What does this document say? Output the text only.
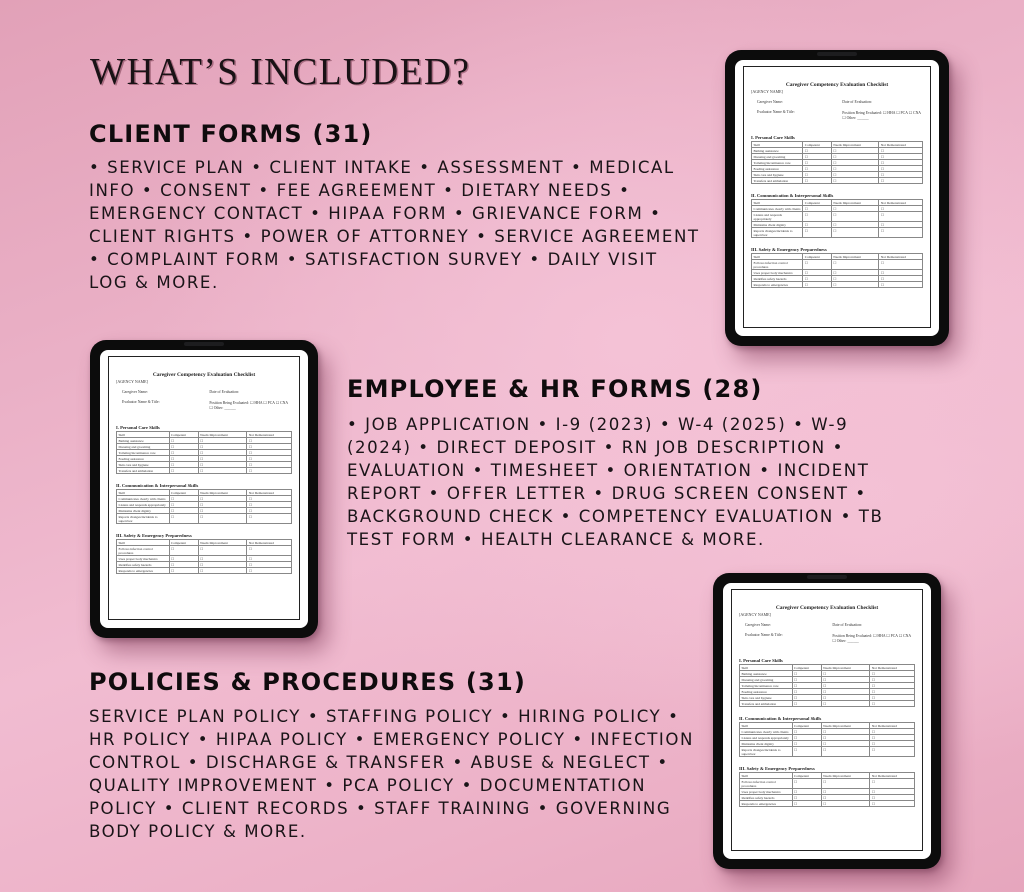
WHAT’S INCLUDED?
CLIENT FORMS (31)
• SERVICE PLAN • CLIENT INTAKE • ASSESSMENT • MEDICAL
INFO • CONSENT • FEE AGREEMENT • DIETARY NEEDS •
EMERGENCY CONTACT • HIPAA FORM • GRIEVANCE FORM •
CLIENT RIGHTS • POWER OF ATTORNEY • SERVICE AGREEMENT
• COMPLAINT FORM • SATISFACTION SURVEY • DAILY VISIT
LOG & MORE.
EMPLOYEE & HR FORMS (28)
• JOB APPLICATION • I-9 (2023) • W-4 (2025) • W-9
(2024) • DIRECT DEPOSIT • RN JOB DESCRIPTION •
EVALUATION • TIMESHEET • ORIENTATION • INCIDENT
REPORT • OFFER LETTER • DRUG SCREEN CONSENT •
BACKGROUND CHECK • COMPETENCY EVALUATION • TB
TEST FORM • HEALTH CLEARANCE & MORE.
POLICIES & PROCEDURES (31)
SERVICE PLAN POLICY • STAFFING POLICY • HIRING POLICY •
HR POLICY • HIPAA POLICY • EMERGENCY POLICY • INFECTION
CONTROL • DISCHARGE & TRANSFER • ABUSE & NEGLECT •
QUALITY IMPROVEMENT • PCA POLICY • DOCUMENTATION
POLICY • CLIENT RECORDS • STAFF TRAINING • GOVERNING
BODY POLICY & MORE.
Caregiver Competency Evaluation Checklist
[AGENCY NAME]
Caregiver Name:
Evaluator Name & Title:
Date of Evaluation:
Position Being Evaluated: ☐ HHA ☐ PCA ☐ CNA ☐ Other: ______
I. Personal Care Skills
Skill	Competent	Needs Improvement	Not Demonstrated
Bathing assistance	☐	☐	☐
Dressing and grooming	☐	☐	☐
Toileting/incontinence care	☐	☐	☐
Feeding assistance	☐	☐	☐
Skin care and hygiene	☐	☐	☐
Transfers and ambulation	☐	☐	☐
II. Communication & Interpersonal Skills
Skill	Competent	Needs Improvement	Not Demonstrated
Communicates clearly with clients	☐	☐	☐
Listens and responds appropriately	☐	☐	☐
Maintains client dignity	☐	☐	☐
Reports changes/incidents to supervisor	☐	☐	☐
III. Safety & Emergency Preparedness
Skill	Competent	Needs Improvement	Not Demonstrated
Follows infection control procedures	☐	☐	☐
Uses proper body mechanics	☐	☐	☐
Identifies safety hazards	☐	☐	☐
Responds to emergencies	☐	☐	☐
Caregiver Competency Evaluation Checklist
[AGENCY NAME]
Caregiver Name:
Evaluator Name & Title:
Date of Evaluation:
Position Being Evaluated: ☐ HHA ☐ PCA ☐ CNA ☐ Other: ______
I. Personal Care Skills
Skill	Competent	Needs Improvement	Not Demonstrated
Bathing assistance	☐	☐	☐
Dressing and grooming	☐	☐	☐
Toileting/incontinence care	☐	☐	☐
Feeding assistance	☐	☐	☐
Skin care and hygiene	☐	☐	☐
Transfers and ambulation	☐	☐	☐
II. Communication & Interpersonal Skills
Skill	Competent	Needs Improvement	Not Demonstrated
Communicates clearly with clients	☐	☐	☐
Listens and responds appropriately	☐	☐	☐
Maintains client dignity	☐	☐	☐
Reports changes/incidents to supervisor	☐	☐	☐
III. Safety & Emergency Preparedness
Skill	Competent	Needs Improvement	Not Demonstrated
Follows infection control procedures	☐	☐	☐
Uses proper body mechanics	☐	☐	☐
Identifies safety hazards	☐	☐	☐
Responds to emergencies	☐	☐	☐
Caregiver Competency Evaluation Checklist
[AGENCY NAME]
Caregiver Name:
Evaluator Name & Title:
Date of Evaluation:
Position Being Evaluated: ☐ HHA ☐ PCA ☐ CNA ☐ Other: ______
I. Personal Care Skills
Skill	Competent	Needs Improvement	Not Demonstrated
Bathing assistance	☐	☐	☐
Dressing and grooming	☐	☐	☐
Toileting/incontinence care	☐	☐	☐
Feeding assistance	☐	☐	☐
Skin care and hygiene	☐	☐	☐
Transfers and ambulation	☐	☐	☐
II. Communication & Interpersonal Skills
Skill	Competent	Needs Improvement	Not Demonstrated
Communicates clearly with clients	☐	☐	☐
Listens and responds appropriately	☐	☐	☐
Maintains client dignity	☐	☐	☐
Reports changes/incidents to supervisor	☐	☐	☐
III. Safety & Emergency Preparedness
Skill	Competent	Needs Improvement	Not Demonstrated
Follows infection control procedures	☐	☐	☐
Uses proper body mechanics	☐	☐	☐
Identifies safety hazards	☐	☐	☐
Responds to emergencies	☐	☐	☐
